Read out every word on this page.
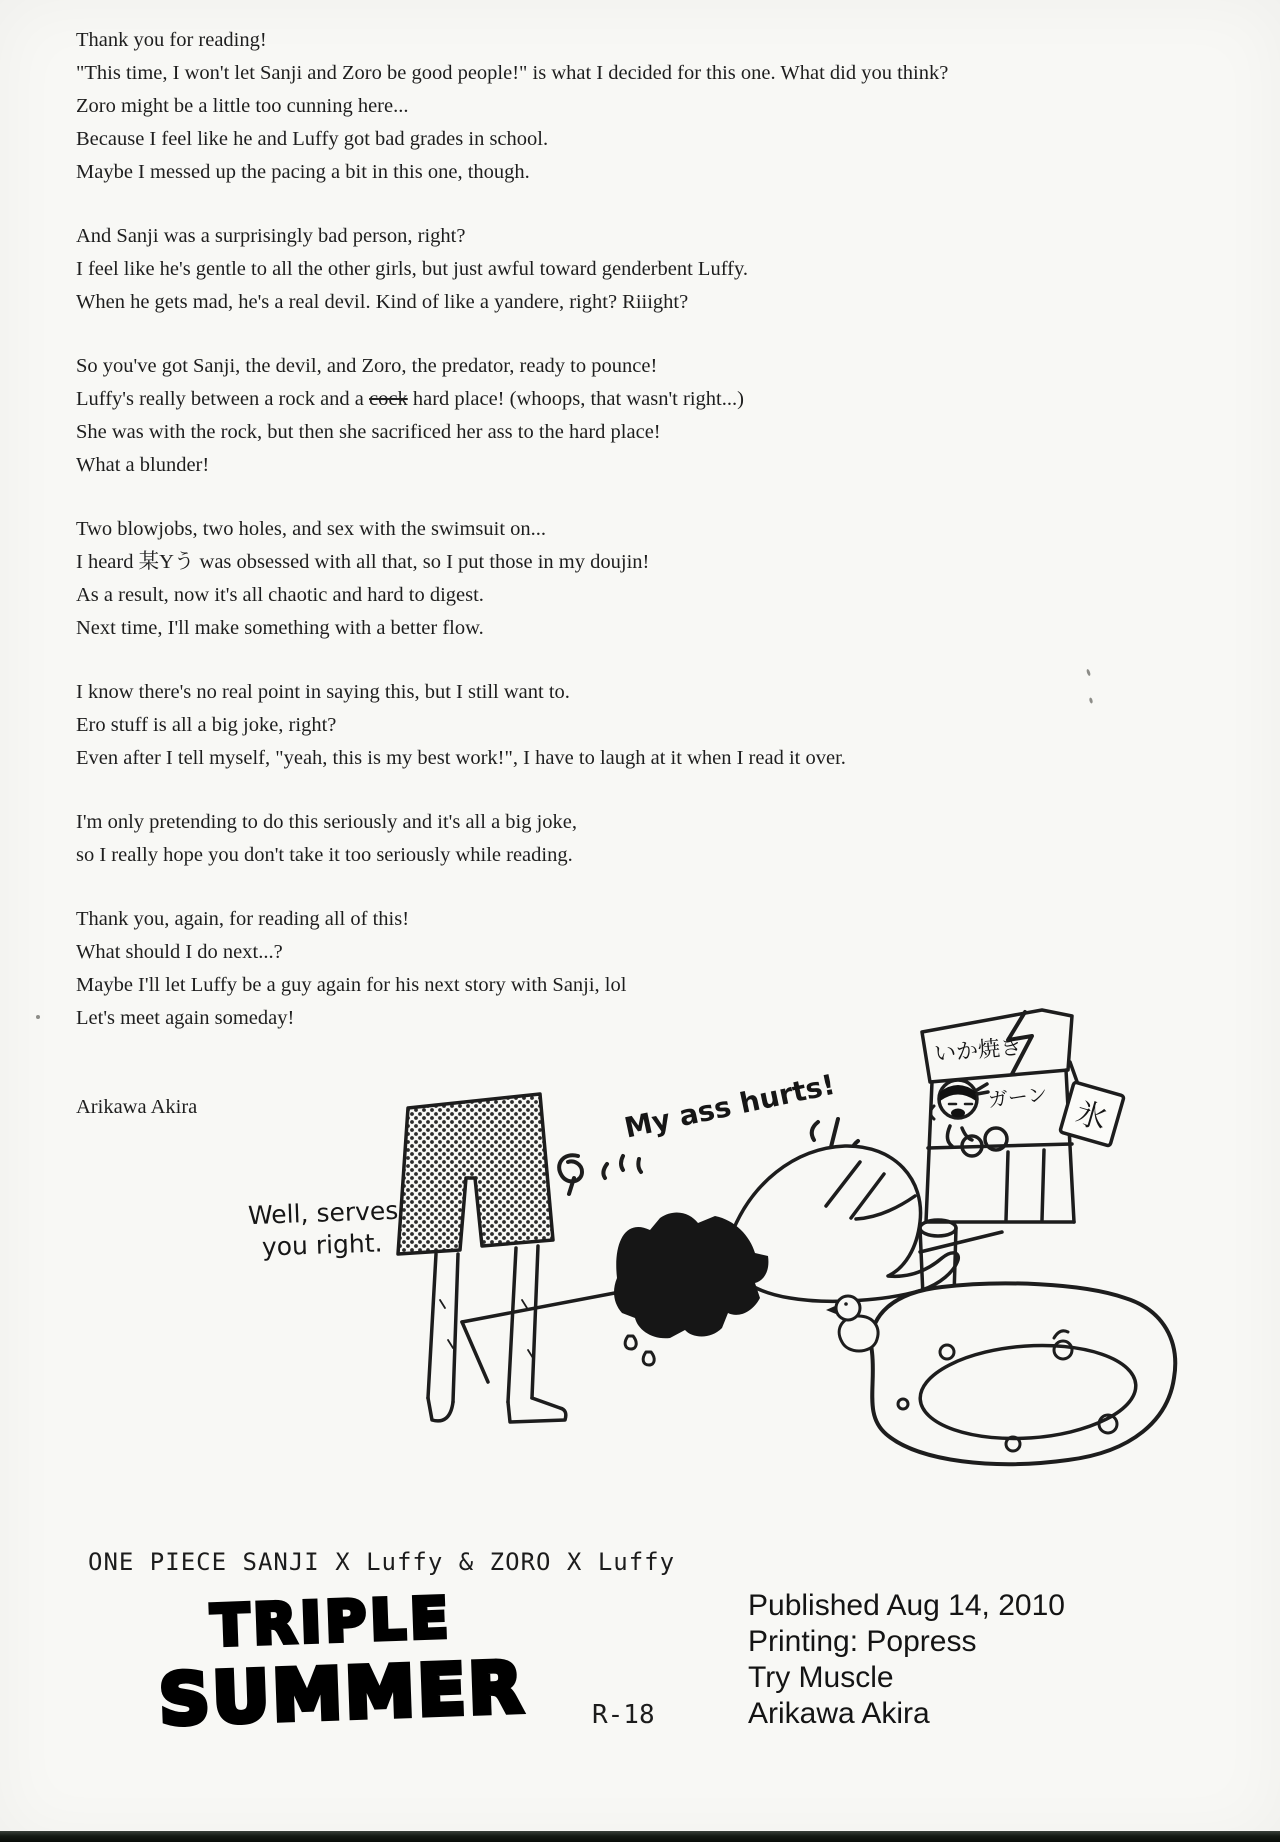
Thank you for reading!
"This time, I won't let Sanji and Zoro be good people!" is what I decided for this one. What did you think?
Zoro might be a little too cunning here...
Because I feel like he and Luffy got bad grades in school.
Maybe I messed up the pacing a bit in this one, though.

And Sanji was a surprisingly bad person, right?
I feel like he's gentle to all the other girls, but just awful toward genderbent Luffy.
When he gets mad, he's a real devil. Kind of like a yandere, right? Riiight?

So you've got Sanji, the devil, and Zoro, the predator, ready to pounce!
Luffy's really between a rock and a cock hard place! (whoops, that wasn't right...)
She was with the rock, but then she sacrificed her ass to the hard place!
What a blunder!

Two blowjobs, two holes, and sex with the swimsuit on...
I heard 某Yう was obsessed with all that, so I put those in my doujin!
As a result, now it's all chaotic and hard to digest.
Next time, I'll make something with a better flow.

I know there's no real point in saying this, but I still want to.
Ero stuff is all a big joke, right?
Even after I tell myself, "yeah, this is my best work!", I have to laugh at it when I read it over.

I'm only pretending to do this seriously and it's all a big joke,
so I really hope you don't take it too seriously while reading.

Thank you, again, for reading all of this!
What should I do next...?
Maybe I'll let Luffy be a guy again for his next story with Sanji, lol
Let's meet again someday!

Arikawa Akira
Well, serves
you right.
My ass hurts!
いか焼き
ガーン 氷
ONE PIECE SANJI X Luffy & ZORO X Luffy
TRIPLE
SUMMER	R-18
Published Aug 14, 2010
Printing: Popress
Try Muscle
Arikawa Akira
